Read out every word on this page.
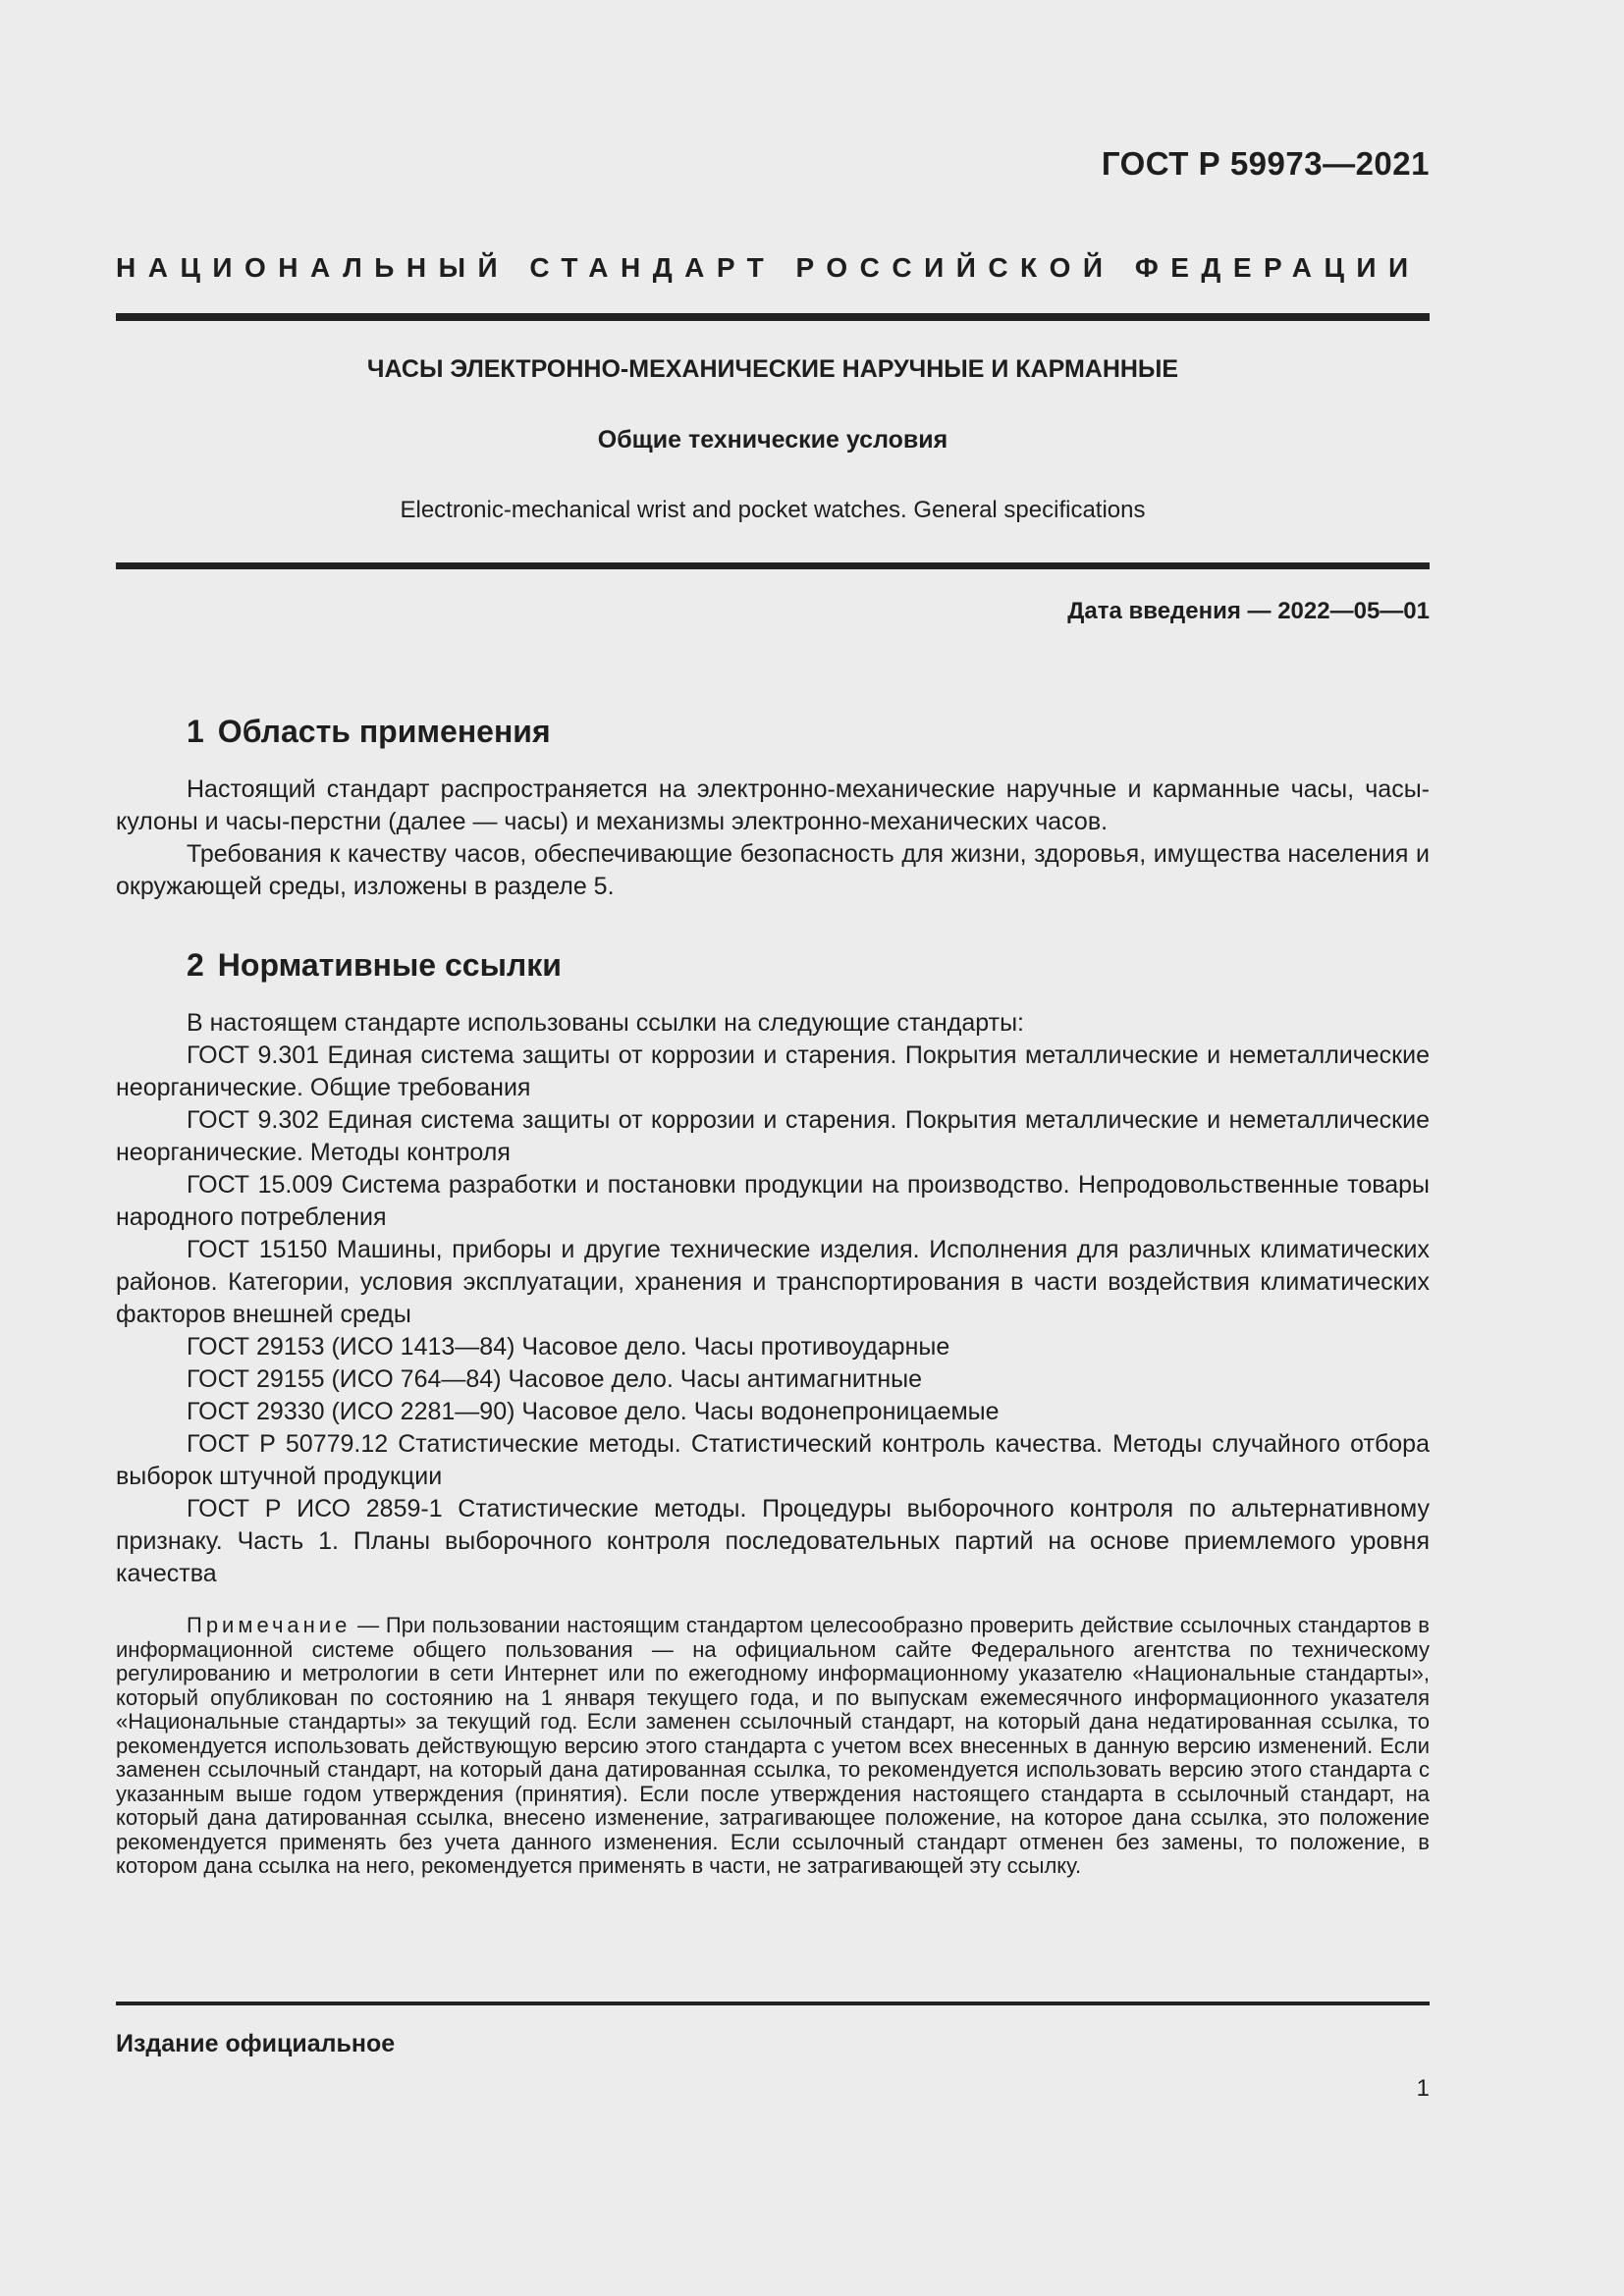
ГОСТ Р 59973—2021
НАЦИОНАЛЬНЫЙ СТАНДАРТ РОССИЙСКОЙ ФЕДЕРАЦИИ
ЧАСЫ ЭЛЕКТРОННО-МЕХАНИЧЕСКИЕ НАРУЧНЫЕ И КАРМАННЫЕ
Общие технические условия
Electronic-mechanical wrist and pocket watches. General specifications
Дата введения — 2022—05—01
1 Область применения

Настоящий стандарт распространяется на электронно-механические наручные и карманные часы, часы-кулоны и часы-перстни (далее — часы) и механизмы электронно-механических часов.

Требования к качеству часов, обеспечивающие безопасность для жизни, здоровья, имущества населения и окружающей среды, изложены в разделе 5.

2 Нормативные ссылки

В настоящем стандарте использованы ссылки на следующие стандарты:

ГОСТ 9.301 Единая система защиты от коррозии и старения. Покрытия металлические и неметаллические неорганические. Общие требования

ГОСТ 9.302 Единая система защиты от коррозии и старения. Покрытия металлические и неметаллические неорганические. Методы контроля

ГОСТ 15.009 Система разработки и постановки продукции на производство. Непродовольственные товары народного потребления

ГОСТ 15150 Машины, приборы и другие технические изделия. Исполнения для различных климатических районов. Категории, условия эксплуатации, хранения и транспортирования в части воздействия климатических факторов внешней среды

ГОСТ 29153 (ИСО 1413—84) Часовое дело. Часы противоударные

ГОСТ 29155 (ИСО 764—84) Часовое дело. Часы антимагнитные

ГОСТ 29330 (ИСО 2281—90) Часовое дело. Часы водонепроницаемые

ГОСТ Р 50779.12 Статистические методы. Статистический контроль качества. Методы случайного отбора выборок штучной продукции

ГОСТ Р ИСО 2859-1 Статистические методы. Процедуры выборочного контроля по альтернативному признаку. Часть 1. Планы выборочного контроля последовательных партий на основе приемлемого уровня качества

Примечание — При пользовании настоящим стандартом целесообразно проверить действие ссылочных стандартов в информационной системе общего пользования — на официальном сайте Федерального агентства по техническому регулированию и метрологии в сети Интернет или по ежегодному информационному указателю «Национальные стандарты», который опубликован по состоянию на 1 января текущего года, и по выпускам ежемесячного информационного указателя «Национальные стандарты» за текущий год. Если заменен ссылочный стандарт, на который дана недатированная ссылка, то рекомендуется использовать действующую версию этого стандарта с учетом всех внесенных в данную версию изменений. Если заменен ссылочный стандарт, на который дана датированная ссылка, то рекомендуется использовать версию этого стандарта с указанным выше годом утверждения (принятия). Если после утверждения настоящего стандарта в ссылочный стандарт, на который дана датированная ссылка, внесено изменение, затрагивающее положение, на которое дана ссылка, это положение рекомендуется применять без учета данного изменения. Если ссылочный стандарт отменен без замены, то положение, в котором дана ссылка на него, рекомендуется применять в части, не затрагивающей эту ссылку.

Издание официальное
1
